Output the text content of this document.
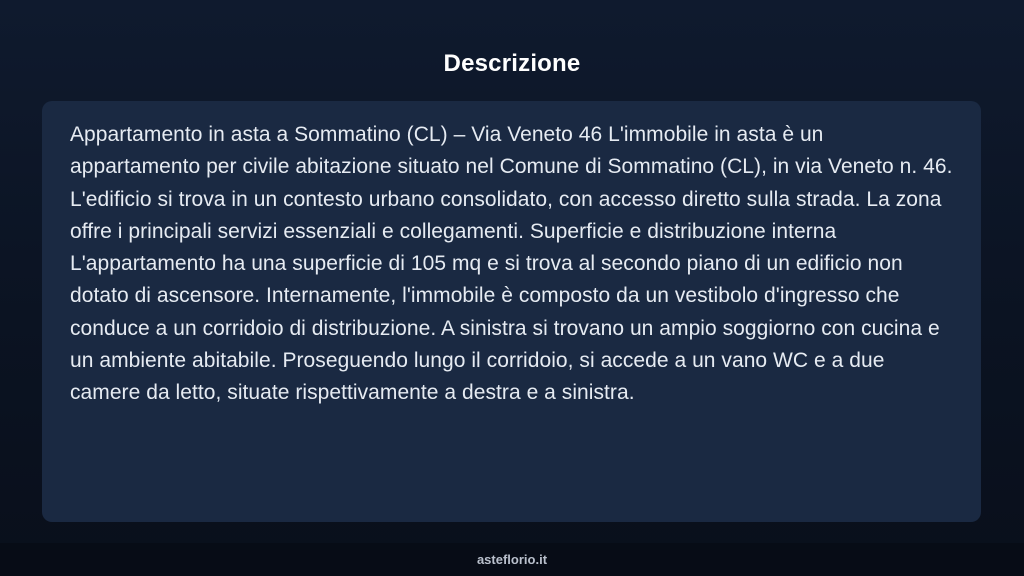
Descrizione

Appartamento in asta a Sommatino (CL) – Via Veneto 46 L'immobile in asta è un appartamento per civile abitazione situato nel Comune di Sommatino (CL), in via Veneto n. 46. L'edificio si trova in un contesto urbano consolidato, con accesso diretto sulla strada. La zona offre i principali servizi essenziali e collegamenti. Superficie e distribuzione interna L'appartamento ha una superficie di 105 mq e si trova al secondo piano di un edificio non dotato di ascensore. Internamente, l'immobile è composto da un vestibolo d'ingresso che conduce a un corridoio di distribuzione. A sinistra si trovano un ampio soggiorno con cucina e un ambiente abitabile. Proseguendo lungo il corridoio, si accede a un vano WC e a due camere da letto, situate rispettivamente a destra e a sinistra.

asteflorio.it
